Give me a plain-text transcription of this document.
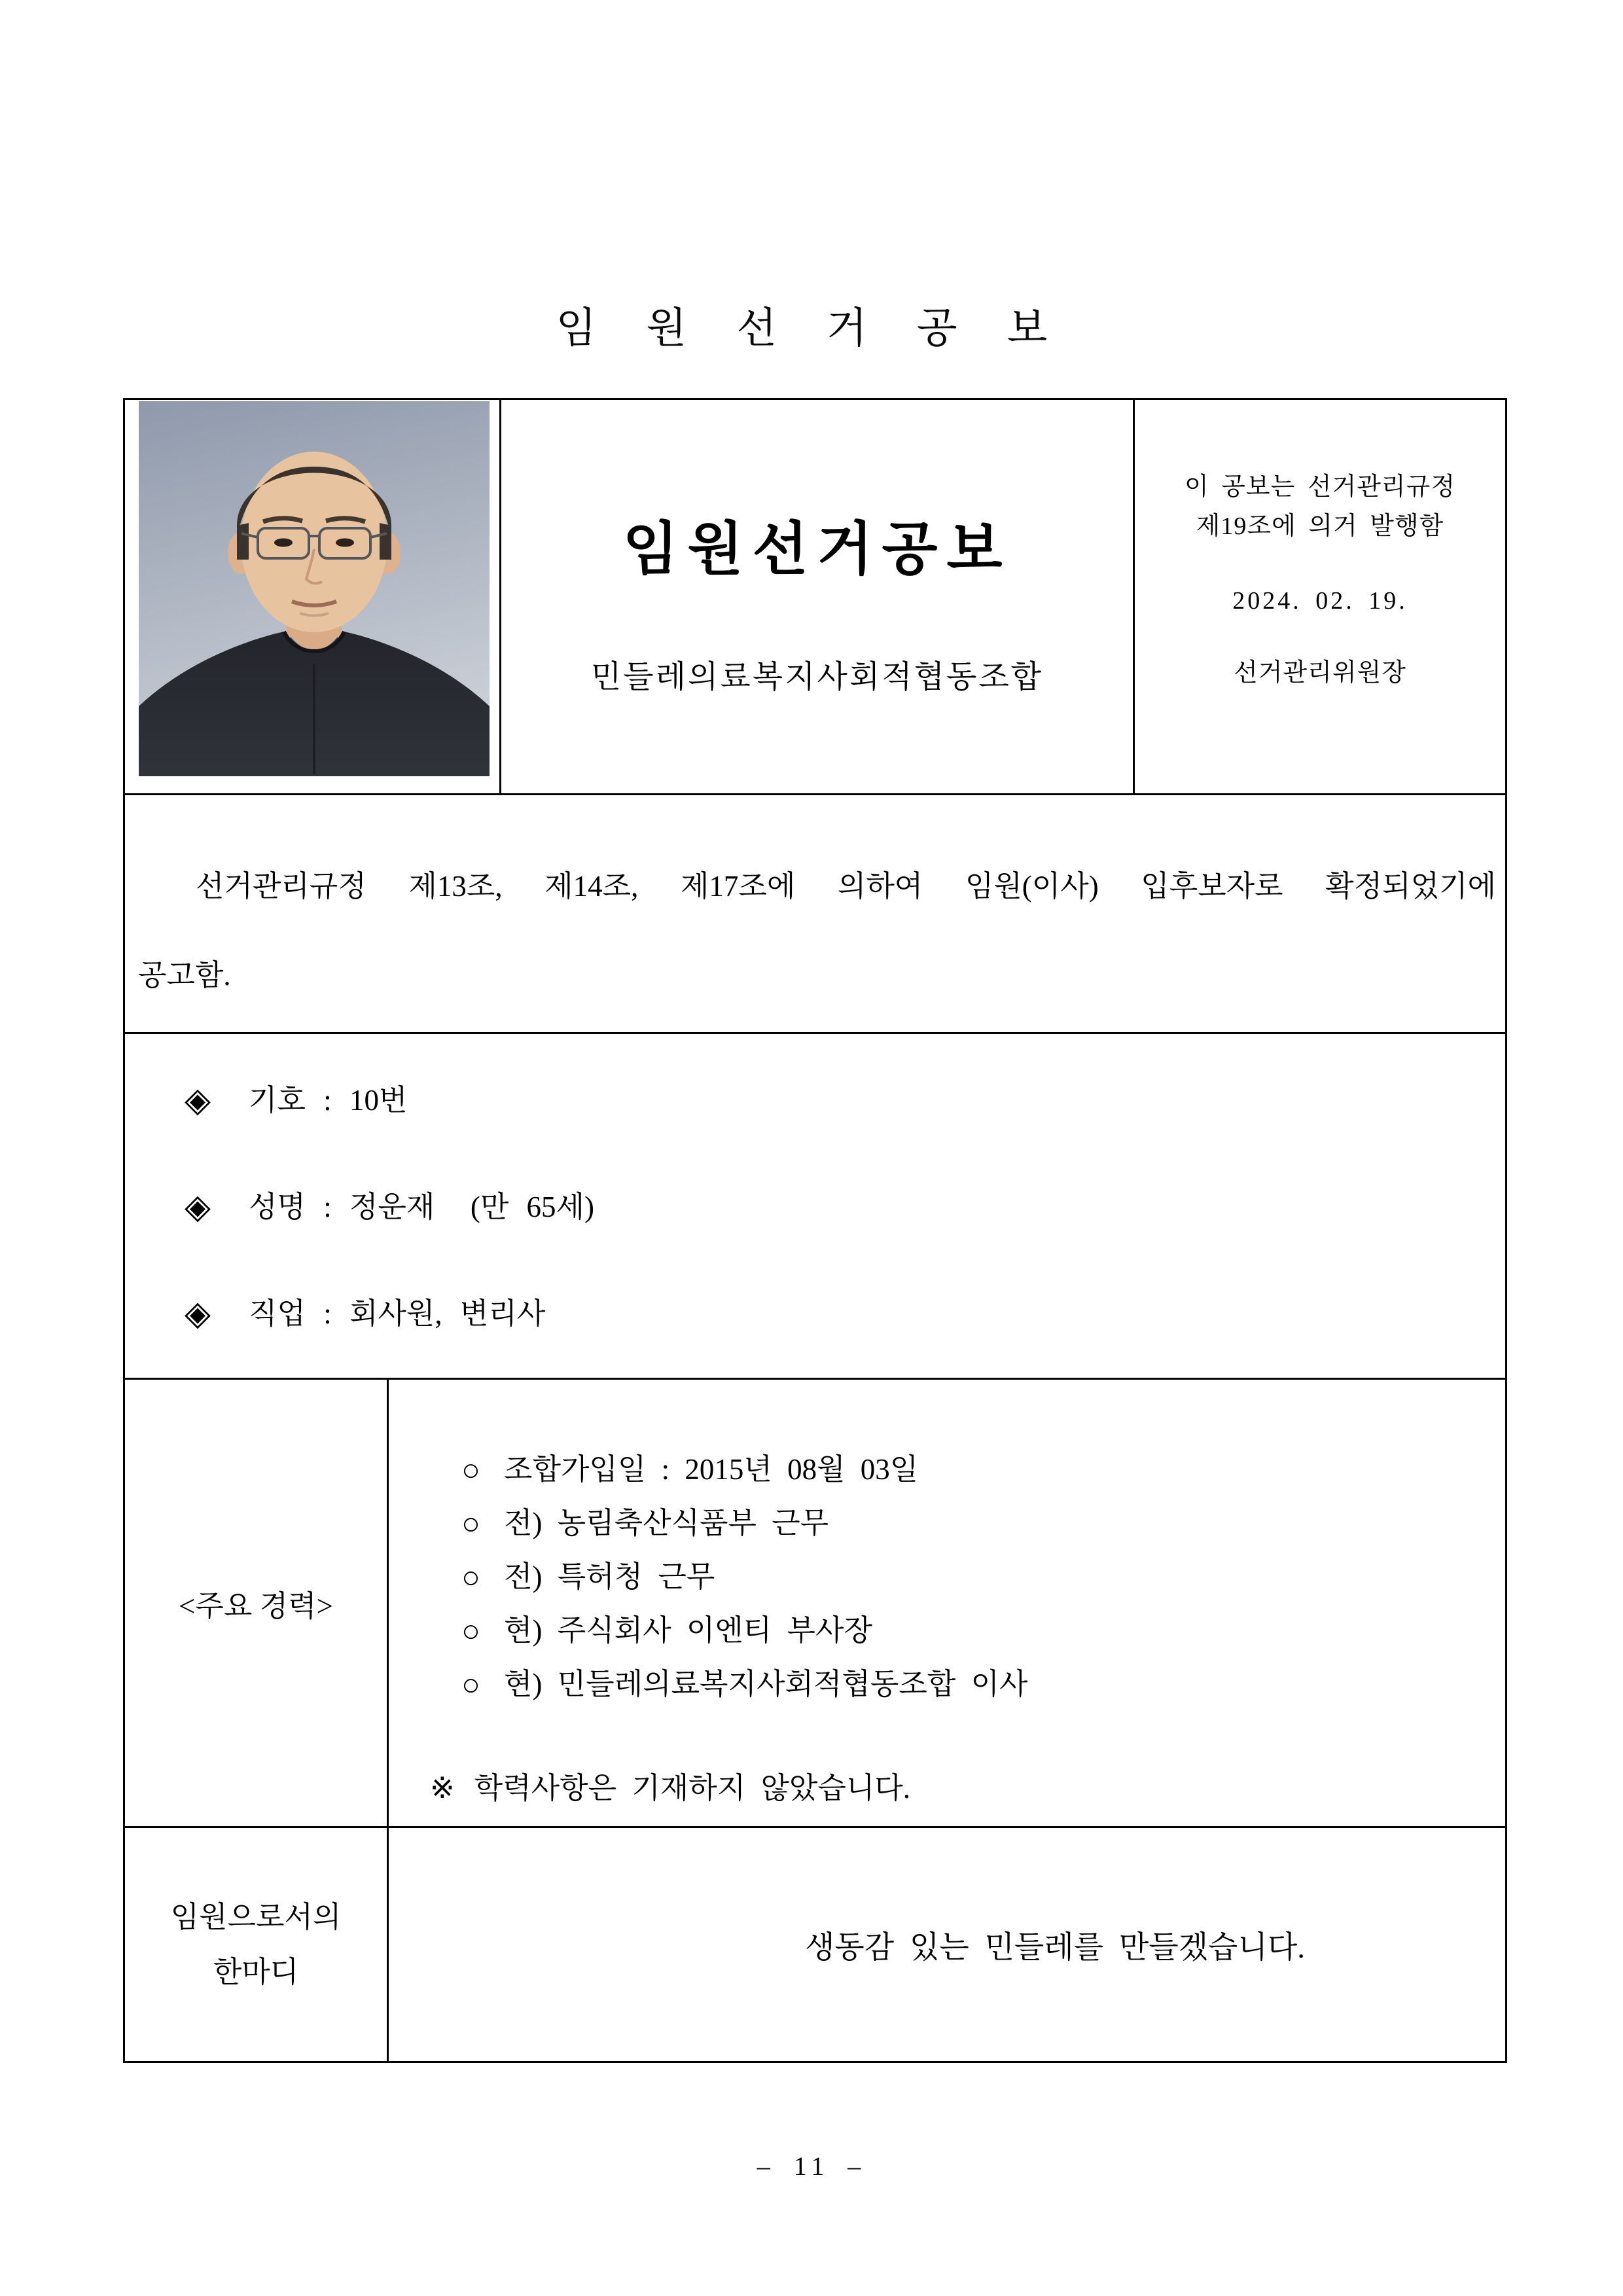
임 원 선 거 공 보
임원선거공보
민들레의료복지사회적협동조합
이 공보는 선거관리규정
제19조에 의거 발행함
2024. 02. 19.
선거관리위원장
선거관리규정 제13조, 제14조, 제17조에 의하여 임원(이사) 입후보자로 확정되었기에
공고함.
◈ 기호 : 10번
◈ 성명 : 정운재  (만 65세)
◈ 직업 : 회사원, 변리사
<주요 경력>
○ 조합가입일 : 2015년 08월 03일
○ 전) 농림축산식품부 근무
○ 전) 특허청 근무
○ 현) 주식회사 이엔티 부사장
○ 현) 민들레의료복지사회적협동조합 이사
※ 학력사항은 기재하지 않았습니다.
임원으로서의
한마디
생동감 있는 민들레를 만들겠습니다.
– 11 –
